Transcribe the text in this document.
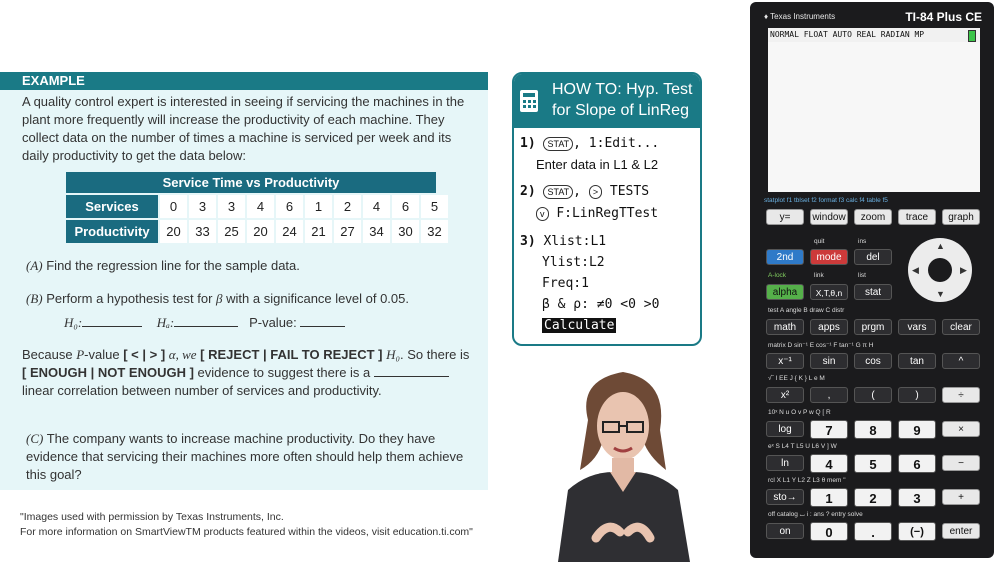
EXAMPLE
A quality control expert is interested in seeing if servicing the machines in the plant more frequently will increase the productivity of each machine. They collect data on the number of times a machine is serviced per week and its daily productivity to get the data below:
Service Time vs Productivity
Services	0	3	3	4	6	1	2	4	6	5
Productivity	20	33	25	20	24	21	27	34	30	32
(A) Find the regression line for the sample data.
(B) Perform a hypothesis test for β with a significance level of 0.05.
H₀:	Hₐ:	P-value:
Because P-value [ < | > ] α, we [ REJECT | FAIL TO REJECT ] H₀. So there is
[ ENOUGH | NOT ENOUGH ] evidence to suggest there is a
linear correlation between number of services and productivity.
(C) The company wants to increase machine productivity. Do they have evidence that servicing their machines more often should help them achieve this goal?
"Images used with permission by Texas Instruments, Inc.
For more information on SmartViewTM products featured within the videos, visit education.ti.com"
HOW TO: Hyp. Test
for Slope of LinReg
1) STAT , 1:Edit...
Enter data in L1 & L2
2) STAT , > TESTS
v F:LinRegTTest
3) Xlist:L1
Ylist:L2
Freq:1
β & ρ: ≠0 <0 >0
Calculate
♦ Texas Instruments	TI-84 Plus CE
NORMAL FLOAT AUTO REAL RADIAN MP
statplot f1 tblset f2 format f3 calc f4 table f5
y=	window	zoom	trace	graph
quit	ins
2nd	mode	del
A-lock	link	list
alpha	X,T,θ,n	stat
▲
▼
◀	▶
test A angle B draw C distr
math	apps	prgm	vars	clear
matrix D sin⁻¹ E cos⁻¹ F tan⁻¹ G π H
x⁻¹	sin	cos	tan	^
√‾ I EE J { K } L e M
x²	,	(	)	÷
10ˣ N u O v P w Q [ R
log	7	8	9	×
eˣ S L4 T L5 U L6 V ] W
ln	4	5	6	−
rcl X L1 Y L2 Z L3 θ mem "
sto→	1	2	3	+
off catalog ⌴ i : ans ? entry solve
on	0	.	(−)	enter
